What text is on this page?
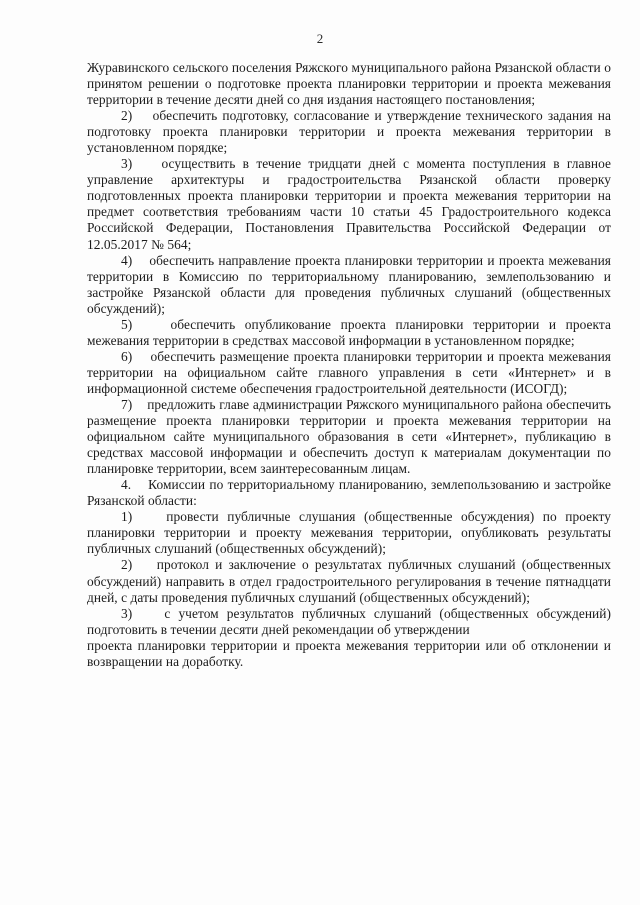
2

Журавинского сельского поселения Ряжского муниципального района Рязанской области о принятом решении о подготовке проекта планировки территории и проекта межевания территории в течение десяти дней со дня издания настоящего постановления;

2)    обеспечить подготовку, согласование и утверждение технического задания на подготовку проекта планировки территории и проекта межевания территории в установленном порядке;

3)    осуществить в течение тридцати дней с момента поступления в главное управление архитектуры и градостроительства Рязанской области проверку подготовленных проекта планировки территории и проекта межевания территории на предмет соответствия требованиям части 10 статьи 45 Градостроительного кодекса Российской Федерации, Постановления Правительства Российской Федерации от 12.05.2017 № 564;

4)    обеспечить направление проекта планировки территории и проекта межевания территории в Комиссию по территориальному планированию, землепользованию и застройке Рязанской области для проведения публичных слушаний (общественных обсуждений);

5)    обеспечить опубликование проекта планировки территории и проекта межевания территории в средствах массовой информации в установленном порядке;

6)    обеспечить размещение проекта планировки территории и проекта межевания территории на официальном сайте главного управления в сети «Интернет» и в информационной системе обеспечения градостроительной деятельности (ИСОГД);

7)    предложить главе администрации Ряжского муниципального района обеспечить размещение проекта планировки территории и проекта межевания территории на официальном сайте муниципального образования в сети «Интернет», публикацию в средствах массовой информации и обеспечить доступ к материалам документации по планировке территории, всем заинтересованным лицам.

4.    Комиссии по территориальному планированию, землепользованию и застройке Рязанской области:

1)    провести публичные слушания (общественные обсуждения) по проекту планировки территории и проекту межевания территории, опубликовать результаты публичных слушаний (общественных обсуждений);

2)    протокол и заключение о результатах публичных слушаний (общественных обсуждений) направить в отдел градостроительного регулирования в течение пятнадцати дней, с даты проведения публичных слушаний (общественных обсуждений);

3)    с учетом результатов публичных слушаний (общественных обсуждений) подготовить в течении десяти дней рекомендации об утверждении

проекта планировки территории и проекта межевания территории или об отклонении и возвращении на доработку.
